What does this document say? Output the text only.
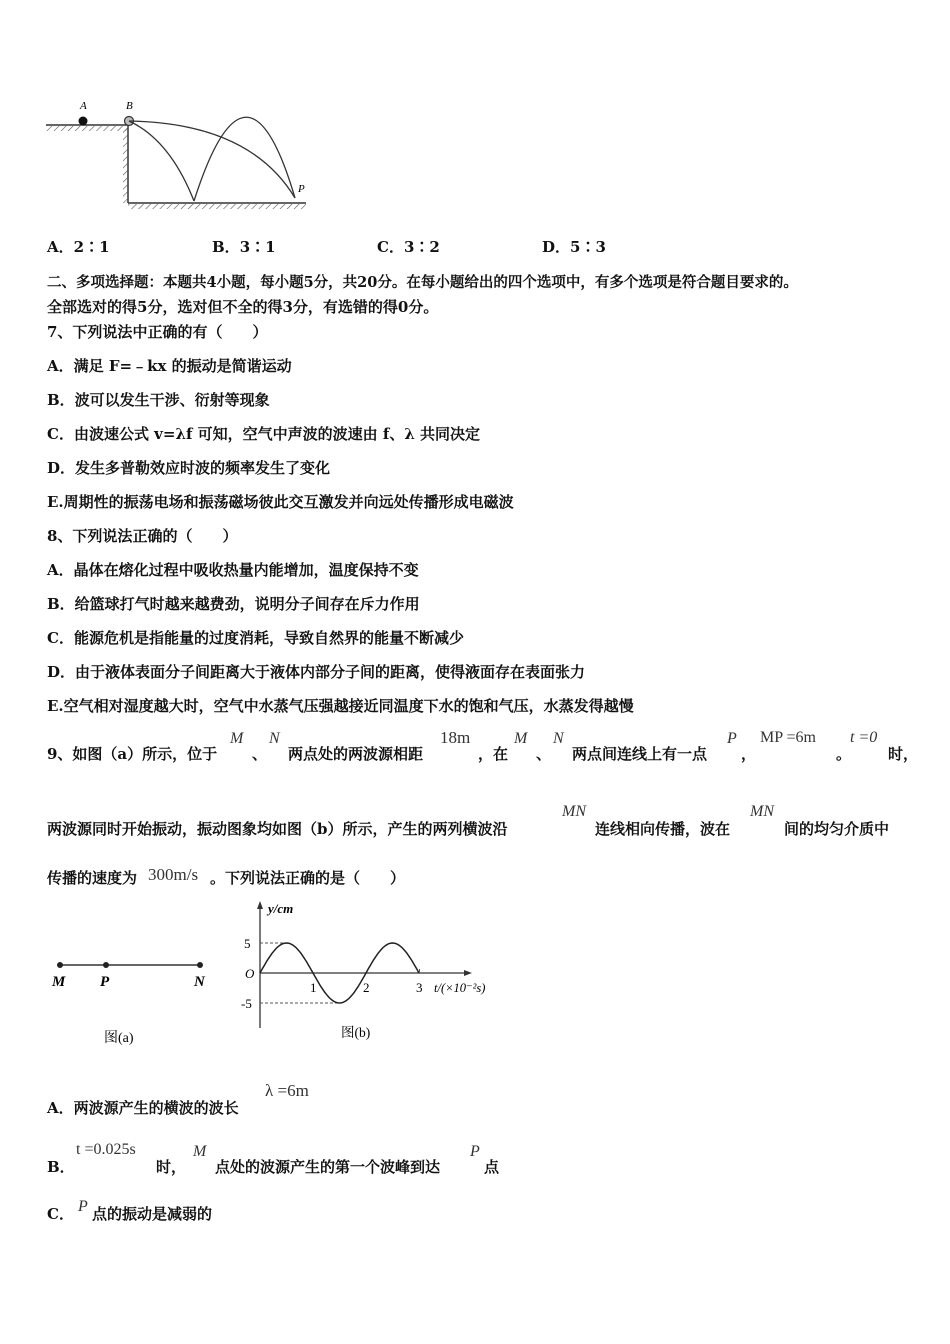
A	B
P
A．2∶1	B．3∶1	C．3∶2	D．5∶3
二、多项选择题：本题共4小题，每小题5分，共20分。在每小题给出的四个选项中，有多个选项是符合题目要求的。
全部选对的得5分，选对但不全的得3分，有选错的得0分。
7、下列说法中正确的有（　　）
A．满足 F=﹣kx 的振动是简谐运动
B．波可以发生干涉、衍射等现象
C．由波速公式 v=λf 可知，空气中声波的波速由 f、λ 共同决定
D．发生多普勒效应时波的频率发生了变化
E.周期性的振荡电场和振荡磁场彼此交互激发并向远处传播形成电磁波
8、下列说法正确的（　　）
A．晶体在熔化过程中吸收热量内能增加，温度保持不变
B．给篮球打气时越来越费劲，说明分子间存在斥力作用
C．能源危机是指能量的过度消耗，导致自然界的能量不断减少
D．由于液体表面分子间距离大于液体内部分子间的距离，使得液面存在表面张力
E.空气相对湿度越大时，空气中水蒸气压强越接近同温度下水的饱和气压，水蒸发得越慢
9、如图（a）所示，位于
M
、
N
两点处的两波源相距
18m
，在
M
、
N
两点间连线上有一点
P
，
MP =6m
。
t =0
时，
两波源同时开始振动，振动图象均如图（b）所示，产生的两列横波沿
MN
连线相向传播，波在
MN
间的均匀介质中
传播的速度为 300m/s 。下列说法正确的是（　　）
M P	N
图(a)
y/cm
t/(×10⁻²s)
O
5
-5
1	2	3
图(b)
A．两波源产生的横波的波长
λ =6m
B．
t =0.025s
时，
M
点处的波源产生的第一个波峰到达
P
点
C． P 点的振动是减弱的
